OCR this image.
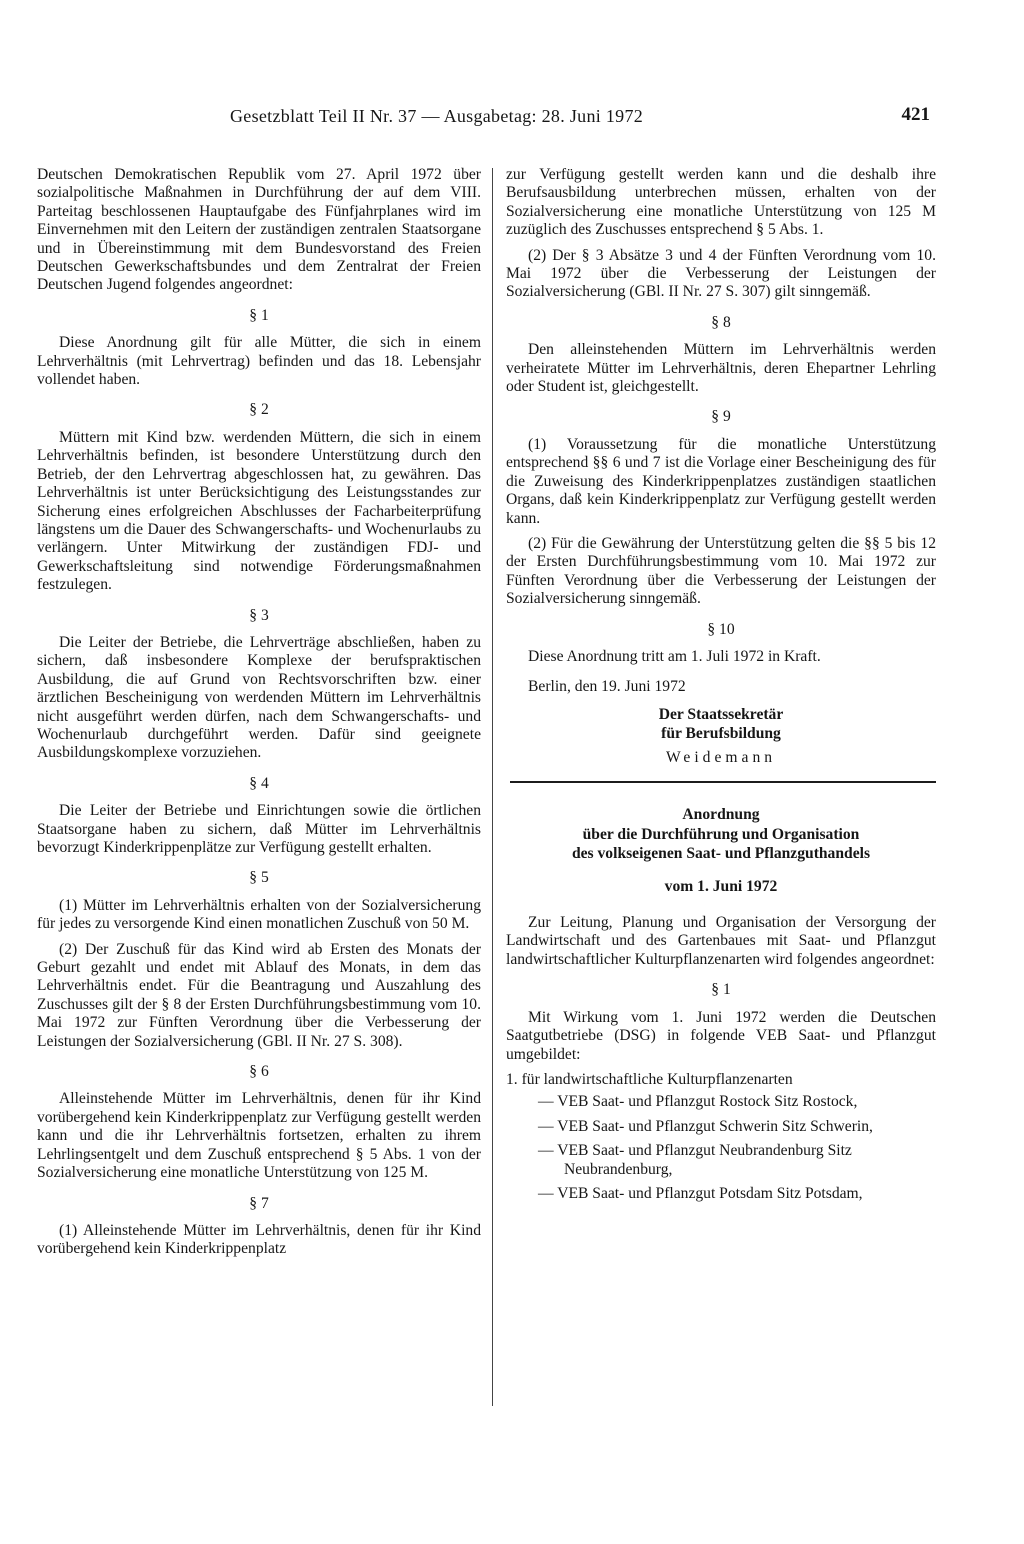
Gesetzblatt Teil II Nr. 37 — Ausgabetag: 28. Juni 1972	421

Deutschen Demokratischen Republik vom 27. April 1972 über sozialpolitische Maßnahmen in Durchführung der auf dem VIII. Parteitag beschlossenen Hauptaufgabe des Fünfjahrplanes wird im Einvernehmen mit den Leitern der zuständigen zentralen Staatsorgane und in Übereinstimmung mit dem Bundesvorstand des Freien Deutschen Gewerkschaftsbundes und dem Zentralrat der Freien Deutschen Jugend folgendes angeordnet:

§ 1

Diese Anordnung gilt für alle Mütter, die sich in einem Lehrverhältnis (mit Lehrvertrag) befinden und das 18. Lebensjahr vollendet haben.

§ 2

Müttern mit Kind bzw. werdenden Müttern, die sich in einem Lehrverhältnis befinden, ist besondere Unterstützung durch den Betrieb, der den Lehrvertrag abgeschlossen hat, zu gewähren. Das Lehrverhältnis ist unter Berücksichtigung des Leistungsstandes zur Sicherung eines erfolgreichen Abschlusses der Facharbeiterprüfung längstens um die Dauer des Schwangerschafts- und Wochenurlaubs zu verlängern. Unter Mitwirkung der zuständigen FDJ- und Gewerkschaftsleitung sind notwendige Förderungsmaßnahmen festzulegen.

§ 3

Die Leiter der Betriebe, die Lehrverträge abschließen, haben zu sichern, daß insbesondere Komplexe der berufspraktischen Ausbildung, die auf Grund von Rechtsvorschriften bzw. einer ärztlichen Bescheinigung von werdenden Müttern im Lehrverhältnis nicht ausgeführt werden dürfen, nach dem Schwangerschafts- und Wochenurlaub durchgeführt werden. Dafür sind geeignete Ausbildungskomplexe vorzuziehen.

§ 4

Die Leiter der Betriebe und Einrichtungen sowie die örtlichen Staatsorgane haben zu sichern, daß Mütter im Lehrverhältnis bevorzugt Kinderkrippenplätze zur Verfügung gestellt erhalten.

§ 5

(1) Mütter im Lehrverhältnis erhalten von der Sozialversicherung für jedes zu versorgende Kind einen monatlichen Zuschuß von 50 M.

(2) Der Zuschuß für das Kind wird ab Ersten des Monats der Geburt gezahlt und endet mit Ablauf des Monats, in dem das Lehrverhältnis endet. Für die Beantragung und Auszahlung des Zuschusses gilt der § 8 der Ersten Durchführungsbestimmung vom 10. Mai 1972 zur Fünften Verordnung über die Verbesserung der Leistungen der Sozialversicherung (GBl. II Nr. 27 S. 308).

§ 6

Alleinstehende Mütter im Lehrverhältnis, denen für ihr Kind vorübergehend kein Kinderkrippenplatz zur Verfügung gestellt werden kann und die ihr Lehrverhältnis fortsetzen, erhalten zu ihrem Lehrlingsentgelt und dem Zuschuß entsprechend § 5 Abs. 1 von der Sozialversicherung eine monatliche Unterstützung von 125 M.

§ 7

(1) Alleinstehende Mütter im Lehrverhältnis, denen für ihr Kind vorübergehend kein Kinderkrippenplatz

zur Verfügung gestellt werden kann und die deshalb ihre Berufsausbildung unterbrechen müssen, erhalten von der Sozialversicherung eine monatliche Unterstützung von 125 M zuzüglich des Zuschusses entsprechend § 5 Abs. 1.

(2) Der § 3 Absätze 3 und 4 der Fünften Verordnung vom 10. Mai 1972 über die Verbesserung der Leistungen der Sozialversicherung (GBl. II Nr. 27 S. 307) gilt sinngemäß.

§ 8

Den alleinstehenden Müttern im Lehrverhältnis werden verheiratete Mütter im Lehrverhältnis, deren Ehepartner Lehrling oder Student ist, gleichgestellt.

§ 9

(1) Voraussetzung für die monatliche Unterstützung entsprechend §§ 6 und 7 ist die Vorlage einer Bescheinigung des für die Zuweisung des Kinderkrippenplatzes zuständigen staatlichen Organs, daß kein Kinderkrippenplatz zur Verfügung gestellt werden kann.

(2) Für die Gewährung der Unterstützung gelten die §§ 5 bis 12 der Ersten Durchführungsbestimmung vom 10. Mai 1972 zur Fünften Verordnung über die Verbesserung der Leistungen der Sozialversicherung sinngemäß.

§ 10

Diese Anordnung tritt am 1. Juli 1972 in Kraft.

Berlin, den 19. Juni 1972

Der Staatssekretär
für Berufsbildung
Weidemann
Anordnung
über die Durchführung und Organisation
des volkseigenen Saat- und Pflanzguthandels
vom 1. Juni 1972

Zur Leitung, Planung und Organisation der Versorgung der Landwirtschaft und des Gartenbaues mit Saat- und Pflanzgut landwirtschaftlicher Kulturpflanzenarten wird folgendes angeordnet:

§ 1

Mit Wirkung vom 1. Juni 1972 werden die Deutschen Saatgutbetriebe (DSG) in folgende VEB Saat- und Pflanzgut umgebildet:

1. für landwirtschaftliche Kulturpflanzenarten

— VEB Saat- und Pflanzgut Rostock Sitz Rostock,

— VEB Saat- und Pflanzgut Schwerin Sitz Schwerin,

— VEB Saat- und Pflanzgut Neubrandenburg Sitz Neubrandenburg,

— VEB Saat- und Pflanzgut Potsdam Sitz Potsdam,
